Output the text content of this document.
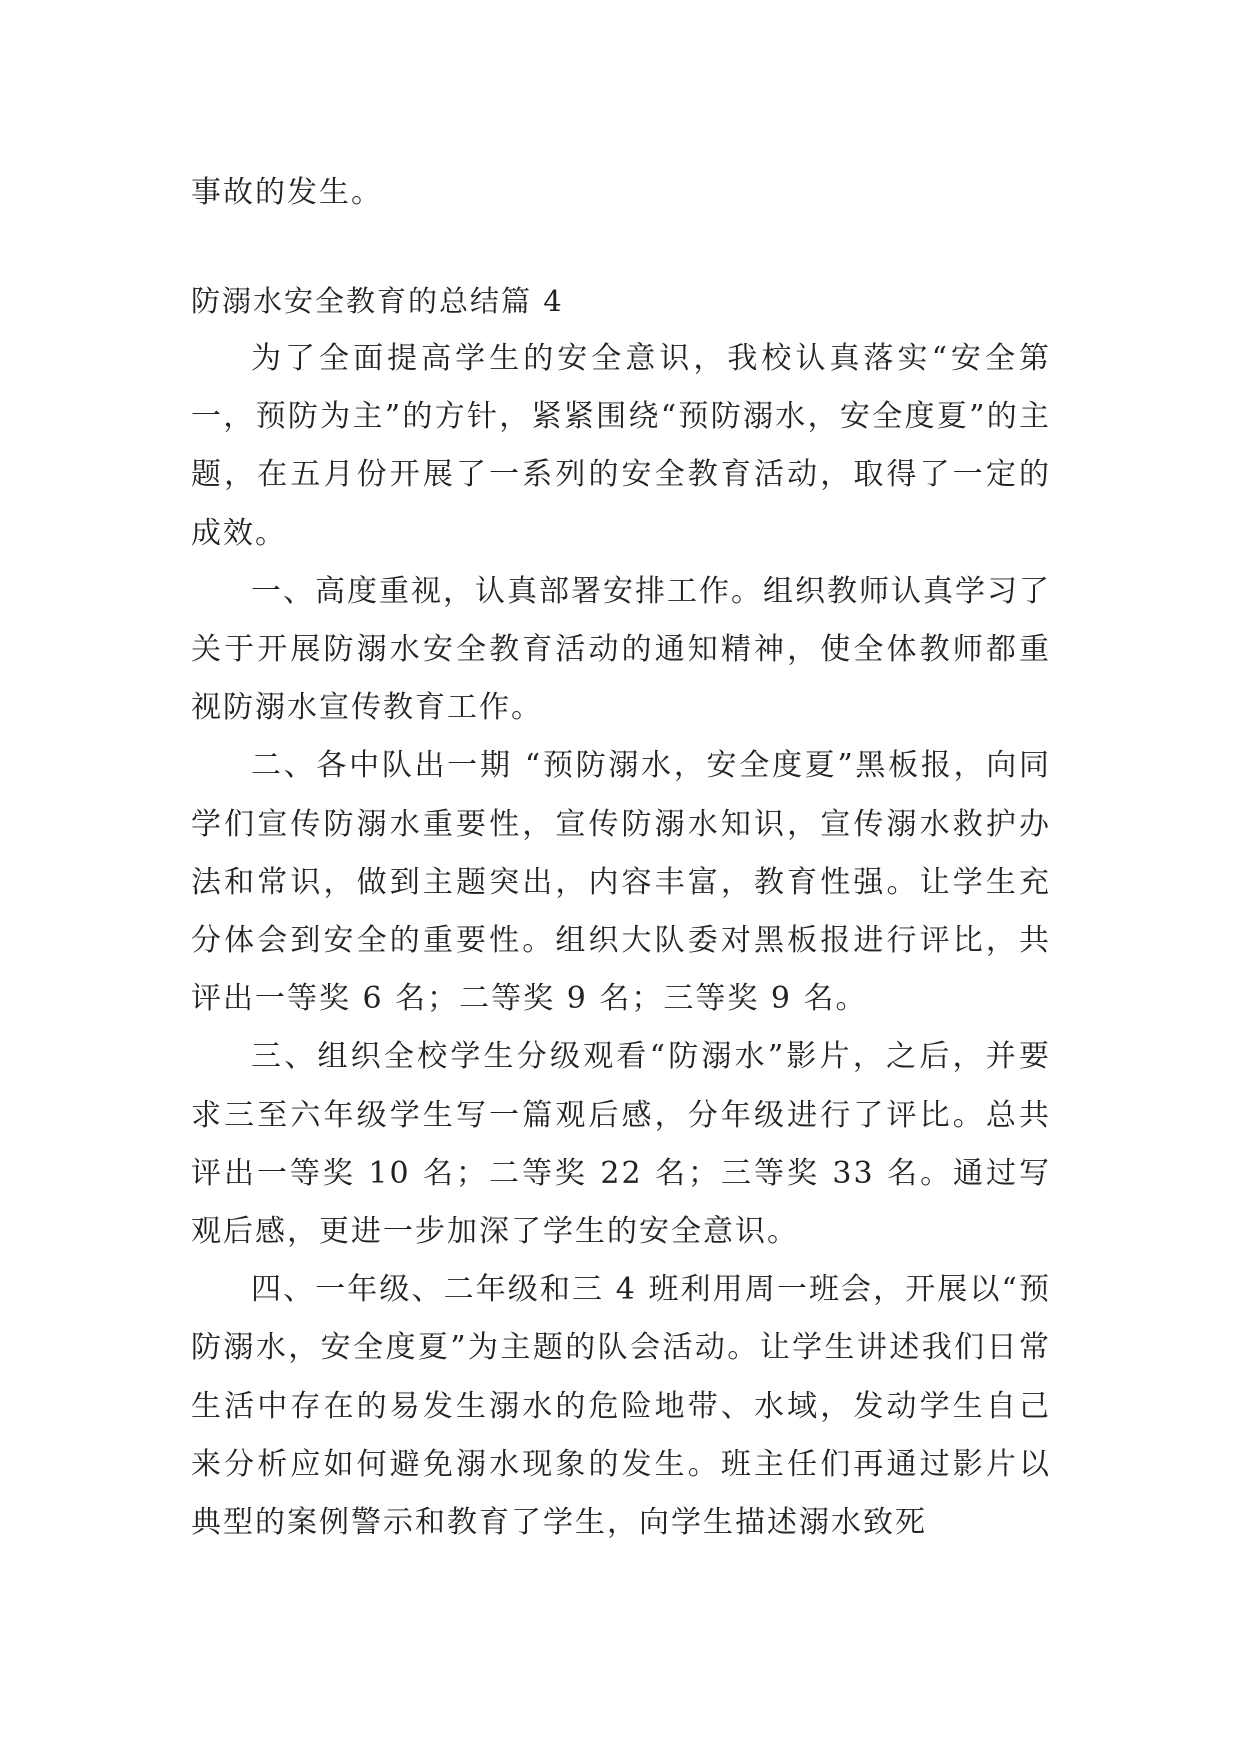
事故的发生。

防溺水安全教育的总结篇 4

为了全面提高学生的安全意识，我校认真落实“安全第一，预防为主”的方针，紧紧围绕“预防溺水，安全度夏”的主题，在五月份开展了一系列的安全教育活动，取得了一定的成效。
一、高度重视，认真部署安排工作。组织教师认真学习了关于开展防溺水安全教育活动的通知精神，使全体教师都重视防溺水宣传教育工作。
二、各中队出一期 “预防溺水，安全度夏”黑板报，向同学们宣传防溺水重要性，宣传防溺水知识，宣传溺水救护办法和常识，做到主题突出，内容丰富，教育性强。让学生充分体会到安全的重要性。组织大队委对黑板报进行评比，共评出一等奖 6 名；二等奖 9 名；三等奖 9 名。
三、组织全校学生分级观看“防溺水”影片，之后，并要求三至六年级学生写一篇观后感，分年级进行了评比。总共评出一等奖 10 名；二等奖 22 名；三等奖 33 名。通过写观后感，更进一步加深了学生的安全意识。
四、一年级、二年级和三 4 班利用周一班会，开展以“预防溺水，安全度夏”为主题的队会活动。让学生讲述我们日常生活中存在的易发生溺水的危险地带、水域，发动学生自己来分析应如何避免溺水现象的发生。班主任们再通过影片以典型的案例警示和教育了学生，向学生描述溺水致死
